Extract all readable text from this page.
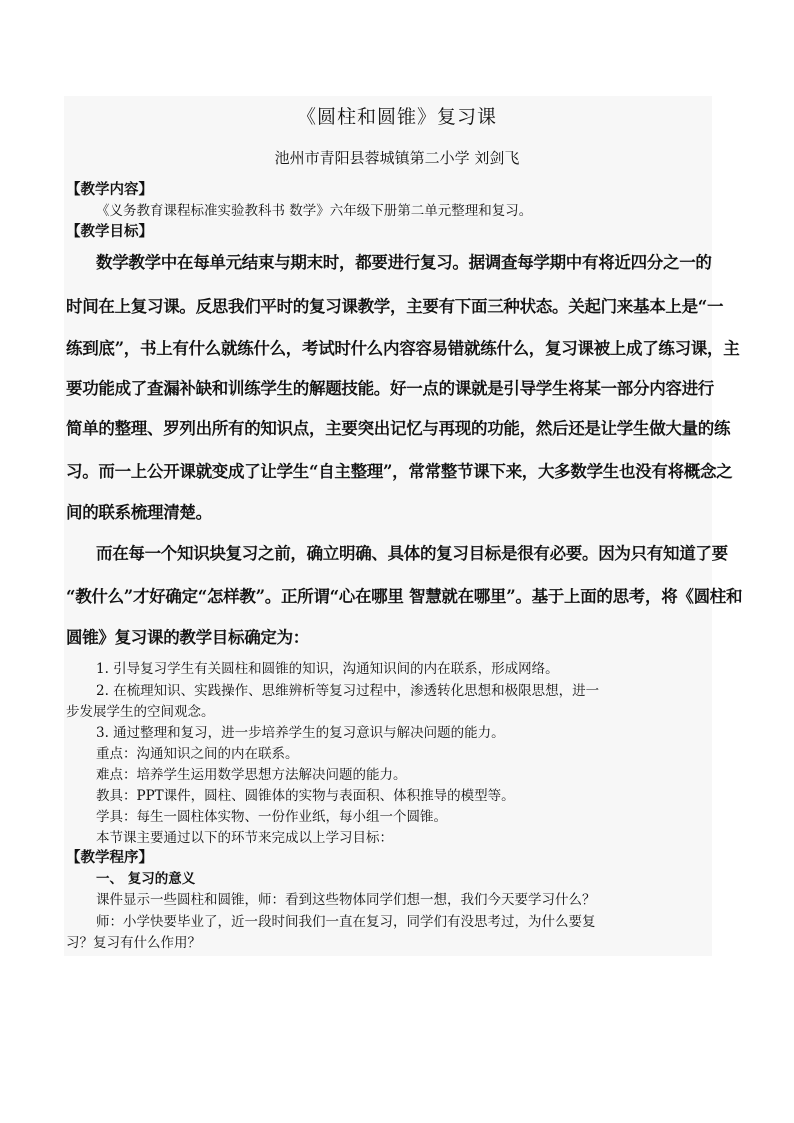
《圆柱和圆锥》复习课
池州市青阳县蓉城镇第二小学 刘剑飞
【教学内容】
《义务教育课程标准实验教科书 数学》六年级下册第二单元整理和复习。
【教学目标】
数学教学中在每单元结束与期末时，都要进行复习。据调查每学期中有将近四分之一的
时间在上复习课。反思我们平时的复习课教学，主要有下面三种状态。关起门来基本上是“一
练到底”，书上有什么就练什么，考试时什么内容容易错就练什么，复习课被上成了练习课，主
要功能成了查漏补缺和训练学生的解题技能。好一点的课就是引导学生将某一部分内容进行
简单的整理、罗列出所有的知识点，主要突出记忆与再现的功能，然后还是让学生做大量的练
习。而一上公开课就变成了让学生“自主整理”，常常整节课下来，大多数学生也没有将概念之
间的联系梳理清楚。
而在每一个知识块复习之前，确立明确、具体的复习目标是很有必要。因为只有知道了要
“教什么”才好确定“怎样教”。正所谓“心在哪里 智慧就在哪里”。基于上面的思考，将《圆柱和
圆锥》复习课的教学目标确定为：
1. 引导复习学生有关圆柱和圆锥的知识，沟通知识间的内在联系，形成网络。
2. 在梳理知识、实践操作、思维辨析等复习过程中，渗透转化思想和极限思想，进一
步发展学生的空间观念。
3. 通过整理和复习，进一步培养学生的复习意识与解决问题的能力。
重点：沟通知识之间的内在联系。
难点：培养学生运用数学思想方法解决问题的能力。
教具：PPT课件，圆柱、圆锥体的实物与表面积、体积推导的模型等。
学具：每生一圆柱体实物、一份作业纸，每小组一个圆锥。
本节课主要通过以下的环节来完成以上学习目标：
【教学程序】
一、 复习的意义
课件显示一些圆柱和圆锥，师：看到这些物体同学们想一想，我们今天要学习什么？
师：小学快要毕业了，近一段时间我们一直在复习，同学们有没思考过，为什么要复
习？复习有什么作用？
